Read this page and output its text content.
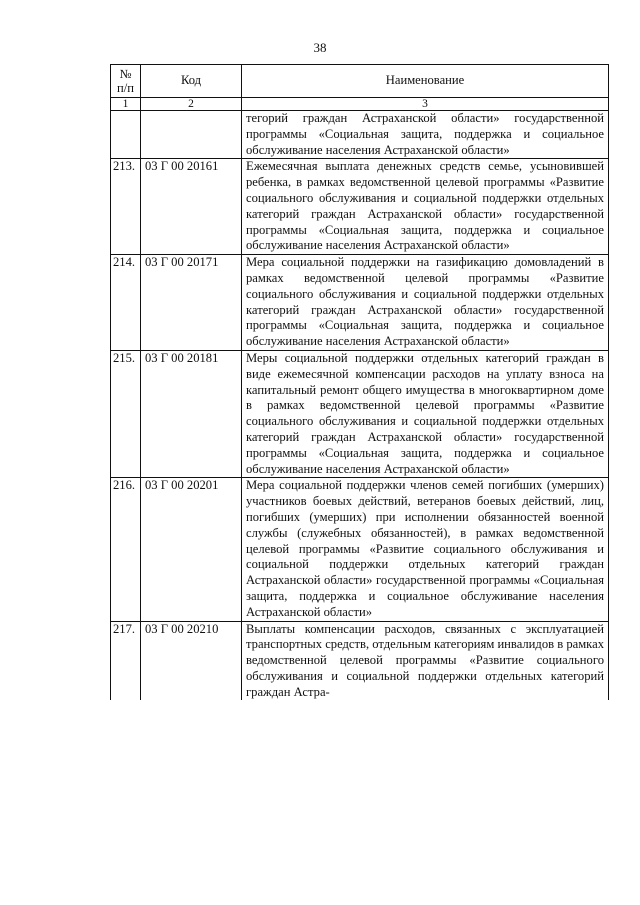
38
№ п/п	Код	Наименование
1	2	3
		тегорий граждан Астраханской области» государственной программы «Социальная защита, поддержка и социальное обслуживание населения Астраханской области»
213.	03 Г 00 20161	Ежемесячная выплата денежных средств семье, усыновившей ребенка, в рамках ведомственной целевой программы «Развитие социального обслуживания и социальной поддержки отдельных категорий граждан Астраханской области» государственной программы «Социальная защита, поддержка и социальное обслуживание населения Астраханской области»
214.	03 Г 00 20171	Мера социальной поддержки на газификацию домовладений в рамках ведомственной целевой программы «Развитие социального обслуживания и социальной поддержки отдельных категорий граждан Астраханской области» государственной программы «Социальная защита, поддержка и социальное обслуживание населения Астраханской области»
215.	03 Г 00 20181	Меры социальной поддержки отдельных категорий граждан в виде ежемесячной компенсации расходов на уплату взноса на капитальный ремонт общего имущества в многоквартирном доме в рамках ведомственной целевой программы «Развитие социального обслуживания и социальной поддержки отдельных категорий граждан Астраханской области» государственной программы «Социальная защита, поддержка и социальное обслуживание населения Астраханской области»
216.	03 Г 00 20201	Мера социальной поддержки членов семей погибших (умерших) участников боевых действий, ветеранов боевых действий, лиц, погибших (умерших) при исполнении обязанностей военной службы (служебных обязанностей), в рамках ведомственной целевой программы «Развитие социального обслуживания и социальной поддержки отдельных категорий граждан Астраханской области» государственной программы «Социальная защита, поддержка и социальное обслуживание населения Астраханской области»
217.	03 Г 00 20210	Выплаты компенсации расходов, связанных с эксплуатацией транспортных средств, отдельным категориям инвалидов в рамках ведомственной целевой программы «Развитие социального обслуживания и социальной поддержки отдельных категорий граждан Астра-
